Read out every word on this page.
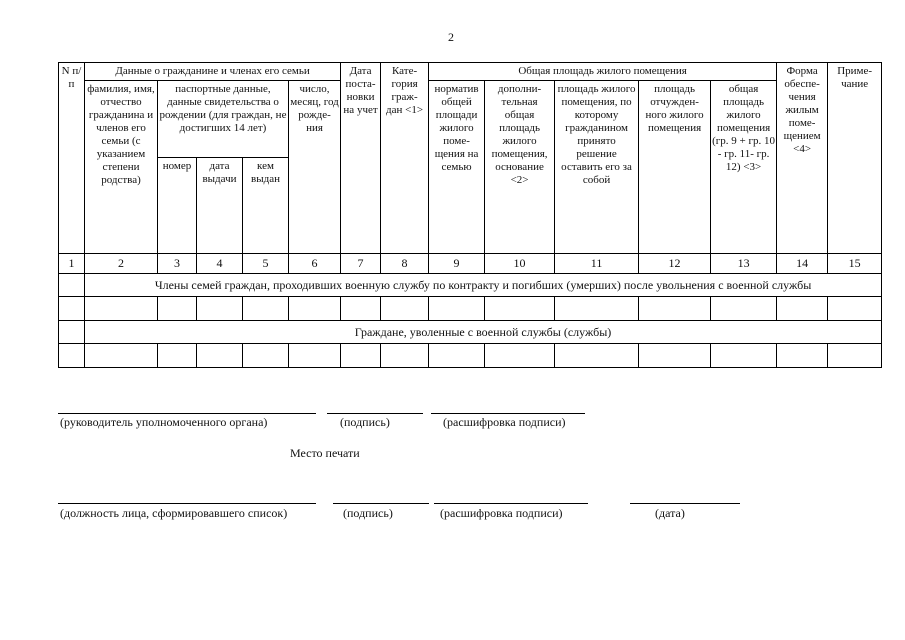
2
N п/п	Данные о гражданине и членах его семьи					Дата поста- новки на учет	Кате- гория граж- дан <1>	Общая площадь жилого помещения					Форма обеспе- чения жилым поме- щением <4>	Приме- чание
	фамилия, имя, отчество гражданина и членов его семьи (с указанием степени родства)	паспортные данные, данные свидетельства о рождении (для граждан, не достигших 14 лет)			число, месяц, год рожде- ния			норматив общей площади жилого поме- щения на семью	дополни- тельная общая площадь жилого помещения, основание <2>	площадь жилого помещения, по которому гражданином принято решение оставить его за собой	площадь отчужден- ного жилого помещения	общая площадь жилого помещения (гр. 9 + гр. 10 - гр. 11- гр. 12) <3>		
		номер	дата выдачи	кем выдан										
1	2	3	4	5	6	7	8	9	10	11	12	13	14	15
	Члены семей граждан, проходивших военную службу по контракту и погибших (умерших) после увольнения с военной службы													

	Граждане, уволенные с военной службы (службы)													

(руководитель уполномоченного органа)	(подпись)	(расшифровка подписи)
Место печати
(должность лица, сформировавшего список)	(подпись)	(расшифровка подписи)	(дата)
